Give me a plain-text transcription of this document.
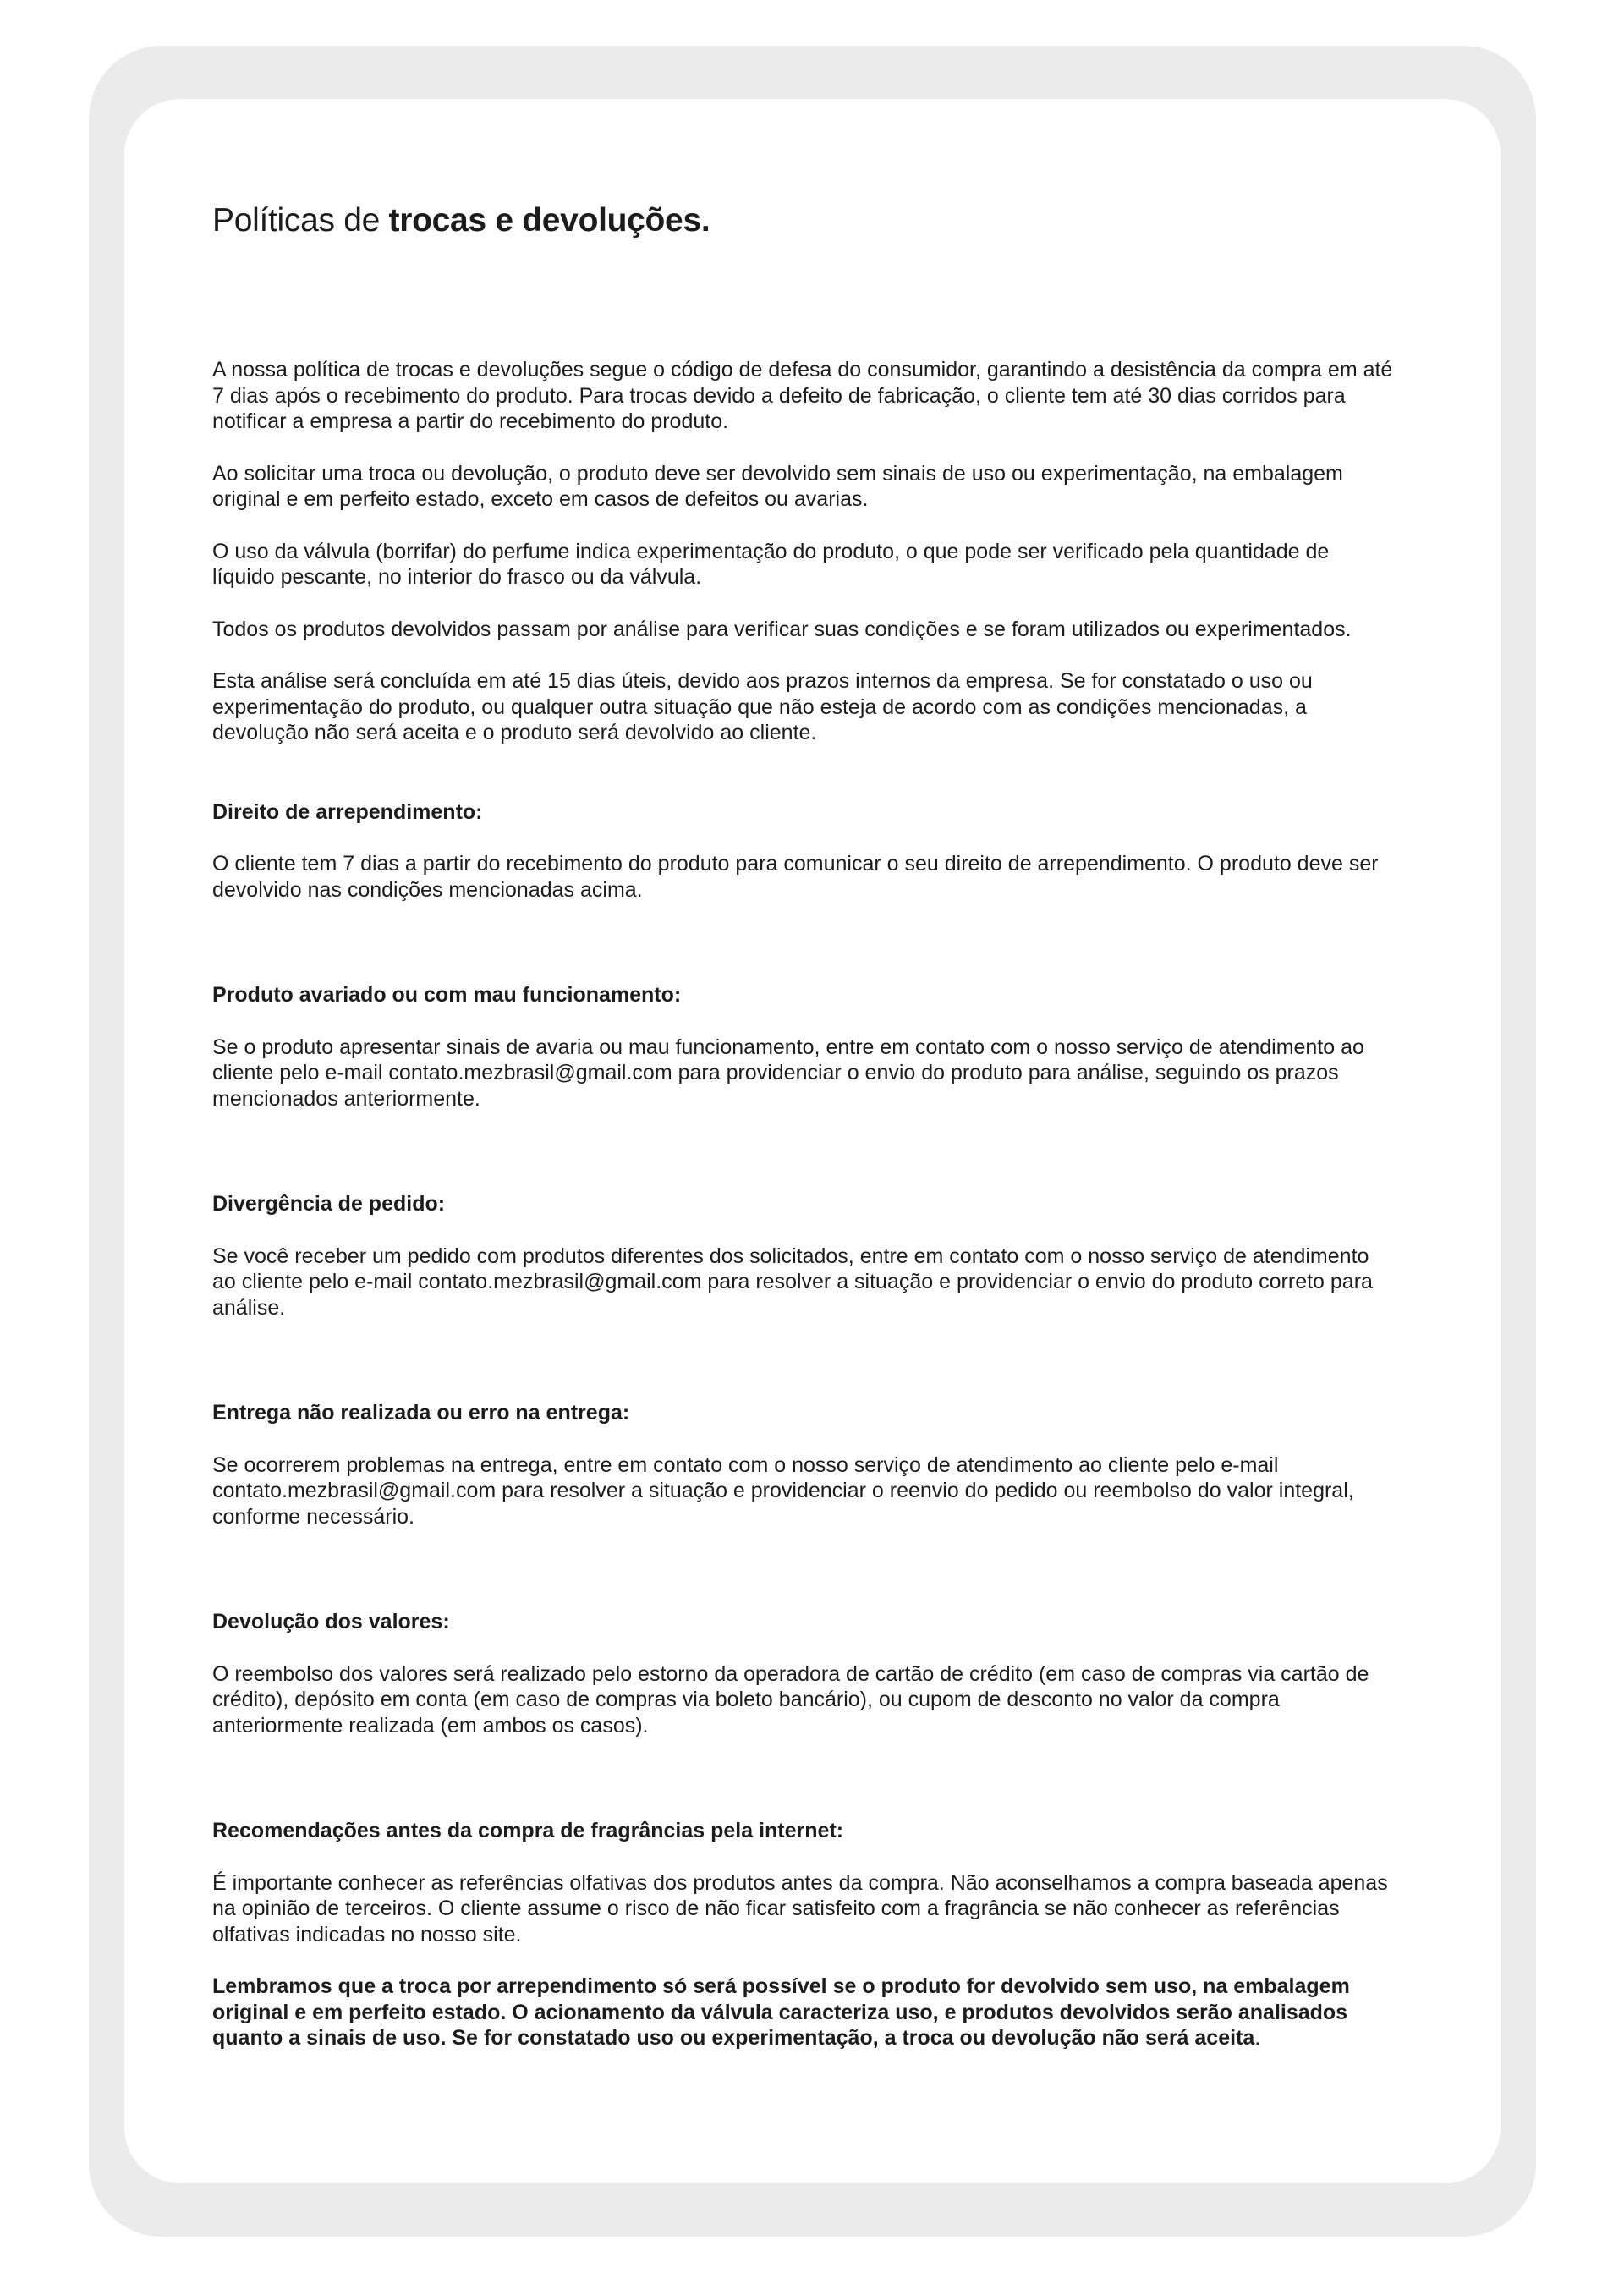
Políticas de trocas e devoluções.

A nossa política de trocas e devoluções segue o código de defesa do consumidor, garantindo a desistência da compra em até 7 dias após o recebimento do produto. Para trocas devido a defeito de fabricação, o cliente tem até 30 dias corridos para notificar a empresa a partir do recebimento do produto.

Ao solicitar uma troca ou devolução, o produto deve ser devolvido sem sinais de uso ou experimentação, na embalagem original e em perfeito estado, exceto em casos de defeitos ou avarias.

O uso da válvula (borrifar) do perfume indica experimentação do produto, o que pode ser verificado pela quantidade de líquido pescante, no interior do frasco ou da válvula.

Todos os produtos devolvidos passam por análise para verificar suas condições e se foram utilizados ou experimentados.

Esta análise será concluída em até 15 dias úteis, devido aos prazos internos da empresa. Se for constatado o uso ou experimentação do produto, ou qualquer outra situação que não esteja de acordo com as condições mencionadas, a devolução não será aceita e o produto será devolvido ao cliente.

Direito de arrependimento:

O cliente tem 7 dias a partir do recebimento do produto para comunicar o seu direito de arrependimento. O produto deve ser devolvido nas condições mencionadas acima.

Produto avariado ou com mau funcionamento:

Se o produto apresentar sinais de avaria ou mau funcionamento, entre em contato com o nosso serviço de atendimento ao cliente pelo e-mail contato.mezbrasil@gmail.com para providenciar o envio do produto para análise, seguindo os prazos mencionados anteriormente.

Divergência de pedido:

Se você receber um pedido com produtos diferentes dos solicitados, entre em contato com o nosso serviço de atendimento ao cliente pelo e-mail contato.mezbrasil@gmail.com para resolver a situação e providenciar o envio do produto correto para análise.

Entrega não realizada ou erro na entrega:

Se ocorrerem problemas na entrega, entre em contato com o nosso serviço de atendimento ao cliente pelo e-mail contato.mezbrasil@gmail.com para resolver a situação e providenciar o reenvio do pedido ou reembolso do valor integral, conforme necessário.

Devolução dos valores:

O reembolso dos valores será realizado pelo estorno da operadora de cartão de crédito (em caso de compras via cartão de crédito), depósito em conta (em caso de compras via boleto bancário), ou cupom de desconto no valor da compra anteriormente realizada (em ambos os casos).

Recomendações antes da compra de fragrâncias pela internet:

É importante conhecer as referências olfativas dos produtos antes da compra. Não aconselhamos a compra baseada apenas na opinião de terceiros. O cliente assume o risco de não ficar satisfeito com a fragrância se não conhecer as referências olfativas indicadas no nosso site.

Lembramos que a troca por arrependimento só será possível se o produto for devolvido sem uso, na embalagem original e em perfeito estado. O acionamento da válvula caracteriza uso, e produtos devolvidos serão analisados quanto a sinais de uso. Se for constatado uso ou experimentação, a troca ou devolução não será aceita.
